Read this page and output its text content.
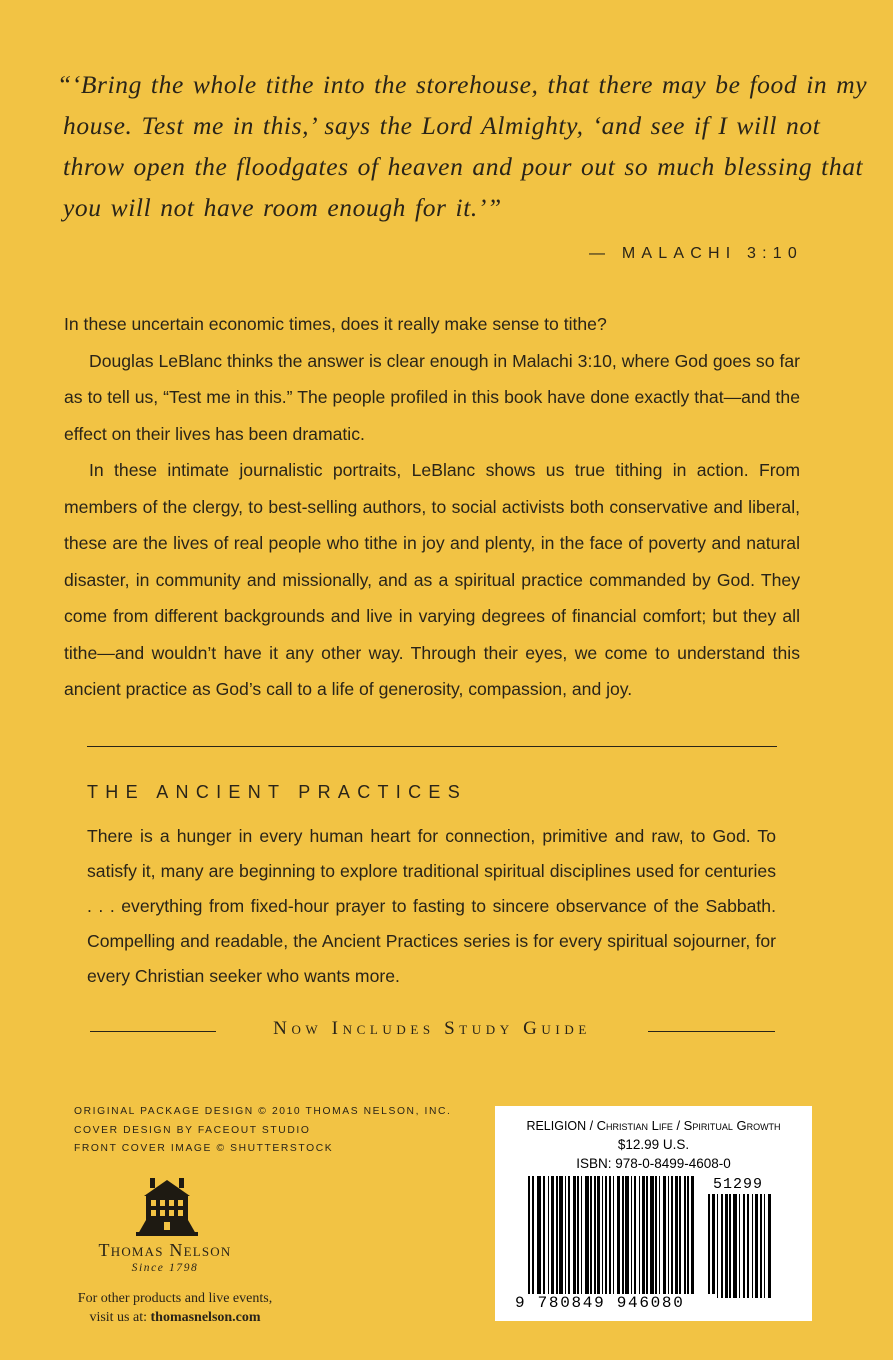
“‘Bring the whole tithe into the storehouse, that there may be food in my
house. Test me in this,’ says the Lord Almighty, ‘and see if I will not
throw open the floodgates of heaven and pour out so much blessing that
you will not have room enough for it.’”
— MALACHI 3:10

In these uncertain economic times, does it really make sense to tithe?

Douglas LeBlanc thinks the answer is clear enough in Malachi 3:10, where God goes so far as to tell us, “Test me in this.” The people profiled in this book have done exactly that—and the effect on their lives has been dramatic.

In these intimate journalistic portraits, LeBlanc shows us true tithing in action. From members of the clergy, to best-selling authors, to social activists both conservative and liberal, these are the lives of real people who tithe in joy and plenty, in the face of poverty and natural disaster, in community and missionally, and as a spiritual practice commanded by God. They come from different backgrounds and live in varying degrees of financial comfort; but they all tithe—and wouldn’t have it any other way. Through their eyes, we come to understand this ancient practice as God’s call to a life of generosity, compassion, and joy.

THE ANCIENT PRACTICES

There is a hunger in every human heart for connection, primitive and raw, to God. To satisfy it, many are beginning to explore traditional spiritual disciplines used for centuries . . . everything from fixed-hour prayer to fasting to sincere observance of the Sabbath. Compelling and readable, the Ancient Practices series is for every spiritual sojourner, for every Christian seeker who wants more.

Now Includes Study Guide
ORIGINAL PACKAGE DESIGN © 2010 THOMAS NELSON, INC.
COVER DESIGN BY FACEOUT STUDIO
FRONT COVER IMAGE © SHUTTERSTOCK
Thomas Nelson
Since 1798
For other products and live events,
visit us at: thomasnelson.com
RELIGION / Christian Life / Spiritual Growth
$12.99 U.S.
ISBN: 978-0-8499-4608-0
51299
9 780849 946080
